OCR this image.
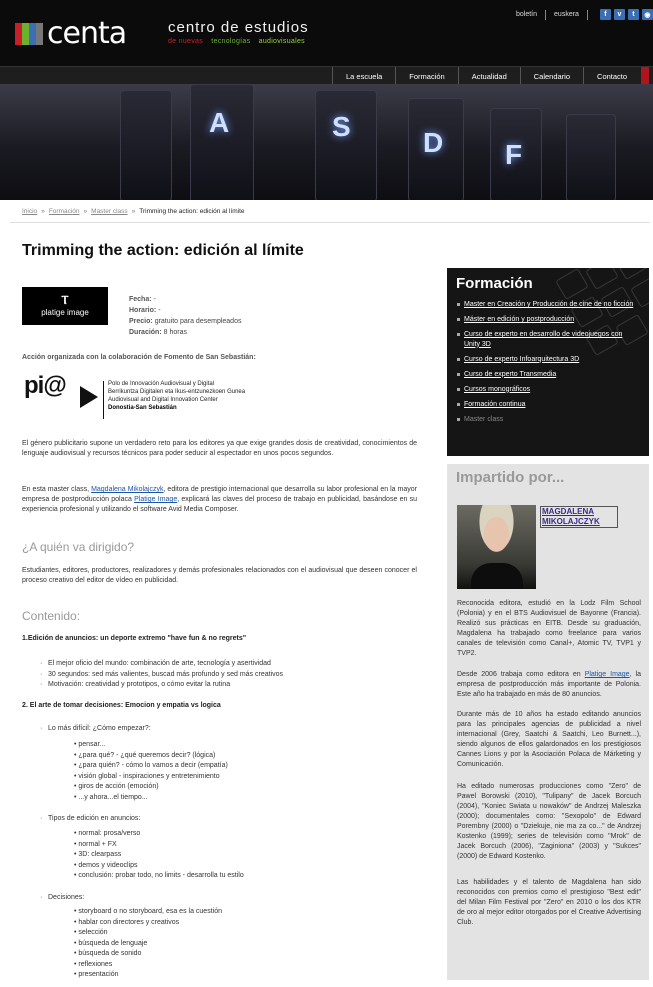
centa	centro de estudios
de nuevas tecnologías audiovisuales
boletín euskera	f	v	t	◉
La escuela	Formación	Actualidad	Calendario	Contacto
A	S
D F
Inicio » Formación » Master class » Trimming the action: edición al límite
Trimming the action: edición al límite
Ⲧ
platige image
Fecha: -
Horario: -
Precio: gratuito para desempleados
Duración: 8 horas
Acción organizada con la colaboración de Fomento de San Sebastián:
pi@	Polo de Innovación Audiovisual y Digital
Berrikuntza Digitalen eta Ikus-entzunezkoen Gunea
Audiovisual and Digital Innovation Center
Donostia-San Sebastián

El género publicitario supone un verdadero reto para los editores ya que exige grandes dosis de creatividad, conocimientos de lenguaje audiovisual y recursos técnicos para poder seducir al espectador en unos pocos segundos.

En esta master class, Magdalena Mikolajczyk, editora de prestigio internacional que desarrolla su labor profesional en la mayor empresa de postproducción polaca Platige Image, explicará las claves del proceso de trabajo en publicidad, basándose en su experiencia profesional y utilizando el software Avid Media Composer.

¿A quién va dirigido?

Estudiantes, editores, productores, realizadores y demás profesionales relacionados con el audiovisual que deseen conocer el proceso creativo del editor de vídeo en publicidad.

Contenido:
1.Edición de anuncios: un deporte extremo "have fun & no regrets"
· El mejor oficio del mundo: combinación de arte, tecnología y asertividad
· 30 segundos: sed más valientes, buscad más profundo y sed más creativos
· Motivación: creatividad y prototipos, o cómo evitar la rutina
2. El arte de tomar decisiones: Emocion y empatia vs logica
· Lo más difícil: ¿Cómo empezar?:
• pensar...
• ¿para qué? - ¿qué queremos decir? (lógica)
• ¿para quién? - cómo lo vamos a decir (empatía)
• visión global - inspiraciones y entretenimiento
• giros de acción (emoción)
• ...y ahora...el tiempo...
· Tipos de edición en anuncios:
• normal: prosa/verso
• normal + FX
• 3D: clearpass
• demos y videoclips
• conclusión: probar todo, no limits - desarrolla tu estilo
· Decisiones:
• storyboard o no storyboard, esa es la cuestión
• hablar con directores y creativos
• selección
• búsqueda de lenguaje
• búsqueda de sonido
• reflexiones
• presentación
Formación
Master en Creación y Producción de cine de no ficción
Máster en edición y postproducción
Curso de experto en desarrollo de videojuegos con Unity 3D
Curso de experto Infoarquitectura 3D
Curso de experto Transmedia
Cursos monográficos
Formación continua
Master class
Impartido por...
MAGDALENA MIKOLAJCZYK

Reconocida editora, estudió en la Lodz Film School (Polonia) y en el BTS Audiovisuel de Bayonne (Francia). Realizó sus prácticas en EITB. Desde su graduación, Magdalena ha trabajado como freelance para varios canales de televisión como Canal+, Atomic TV, TVP1 y TVP2.

Desde 2006 trabaja como editora en Platige Image, la empresa de postproducción más importante de Polonia. Este año ha trabajado en más de 80 anuncios.

Durante más de 10 años ha estado editando anuncios para las principales agencias de publicidad a nivel internacional (Grey, Saatchi & Saatchi, Leo Burnett...), siendo algunos de ellos galardonados en los prestigiosos Cannes Lions y por la Asociación Polaca de Márketing y Comunicación.

Ha editado numerosas producciones como "Zero" de Pawel Borowski (2010), "Tulipany" de Jacek Borcuch (2004), "Koniec Swiata u nowaków" de Andrzej Maleszka (2000); documentales como: "Sexopolo" de Edward Porembny (2000) o "Dziekuje, nie ma za co..." de Andrzej Kostenko (1999); series de televisión como "Mrok" de Jacek Borcuch (2006), "Zaginiona" (2003) y "Sukces" (2000) de Edward Kostenko.

Las habilidades y el talento de Magdalena han sido reconocidos con premios como el prestigioso "Best edit" del Milan Film Festival por "Zero" en 2010 o los dos KTR de oro al mejor editor otorgados por el Creative Advertising Club.
